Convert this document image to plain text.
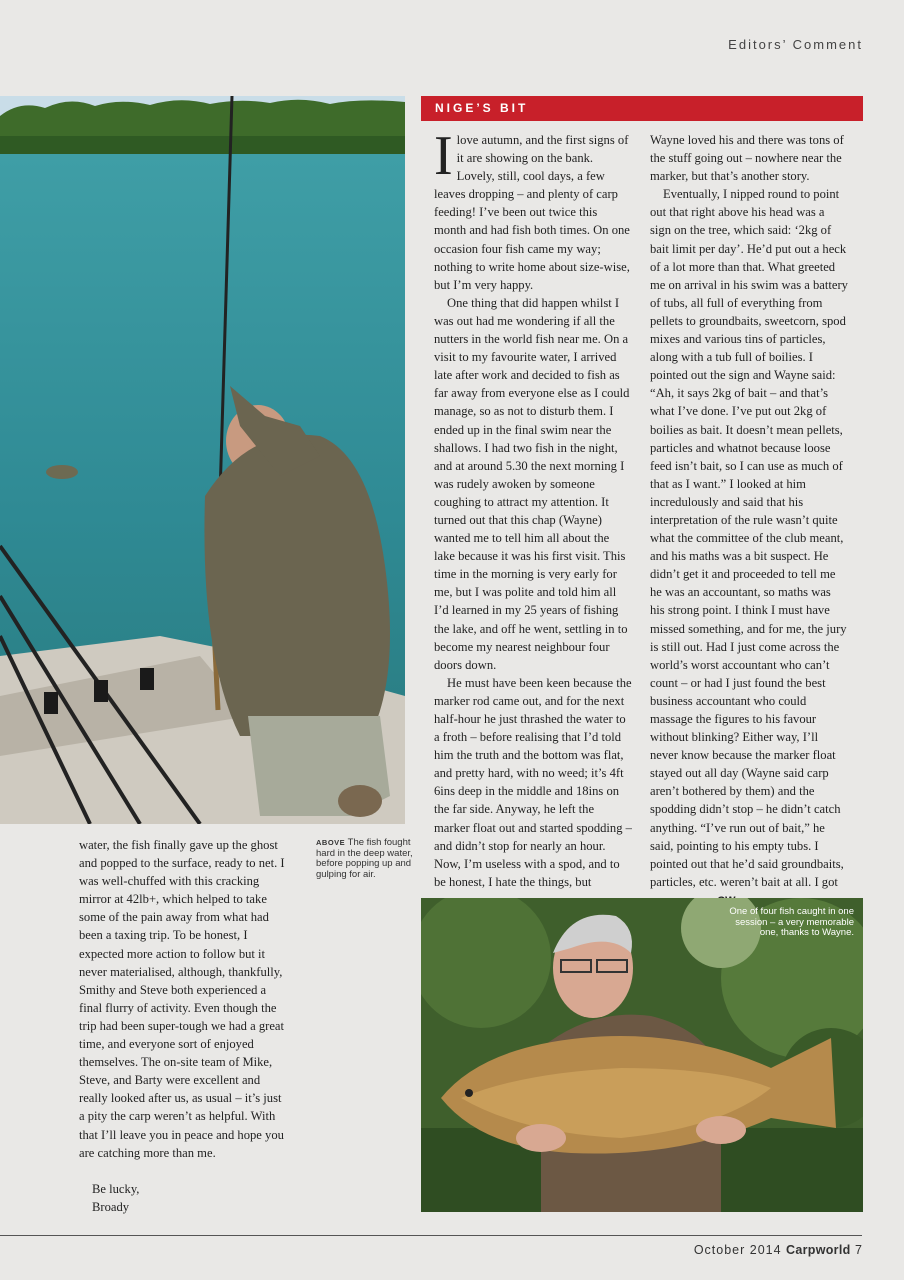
Editors’ Comment
NIGE’S BIT

Ilove autumn, and the first signs of it are showing on the bank. Lovely, still, cool days, a few leaves dropping – and plenty of carp feeding! I’ve been out twice this month and had fish both times. On one occasion four fish came my way; nothing to write home about size-wise, but I’m very happy.

One thing that did happen whilst I was out had me wondering if all the nutters in the world fish near me. On a visit to my favourite water, I arrived late after work and decided to fish as far away from everyone else as I could manage, so as not to disturb them. I ended up in the final swim near the shallows. I had two fish in the night, and at around 5.30 the next morning I was rudely awoken by someone coughing to attract my attention. It turned out that this chap (Wayne) wanted me to tell him all about the lake because it was his first visit. This time in the morning is very early for me, but I was polite and told him all I’d learned in my 25 years of fishing the lake, and off he went, settling in to become my nearest neighbour four doors down.

He must have been keen because the marker rod came out, and for the next half-hour he just thrashed the water to a froth – before realising that I’d told him the truth and the bottom was flat, and pretty hard, with no weed; it’s 4ft 6ins deep in the middle and 18ins on the far side. Anyway, he left the marker float out and started spodding – and didn’t stop for nearly an hour. Now, I’m useless with a spod, and to be honest, I hate the things, but

Wayne loved his and there was tons of the stuff going out – nowhere near the marker, but that’s another story.

Eventually, I nipped round to point out that right above his head was a sign on the tree, which said: ‘2kg of bait limit per day’. He’d put out a heck of a lot more than that. What greeted me on arrival in his swim was a battery of tubs, all full of everything from pellets to groundbaits, sweetcorn, spod mixes and various tins of particles, along with a tub full of boilies. I pointed out the sign and Wayne said: “Ah, it says 2kg of bait – and that’s what I’ve done. I’ve put out 2kg of boilies as bait. It doesn’t mean pellets, particles and whatnot because loose feed isn’t bait, so I can use as much of that as I want.” I looked at him incredulously and said that his interpretation of the rule wasn’t quite what the committee of the club meant, and his maths was a bit suspect. He didn’t get it and proceeded to tell me he was an accountant, so maths was his strong point. I think I must have missed something, and for me, the jury is still out. Had I just come across the world’s worst accountant who can’t count – or had I just found the best business accountant who could massage the figures to his favour without blinking? Either way, I’ll never know because the marker float stayed out all day (Wayne said carp aren’t bothered by them) and the spodding didn’t stop – he didn’t catch anything. “I’ve run out of bait,” he said, pointing to his empty tubs. I pointed out that he’d said groundbaits, particles, etc. weren’t bait at all. I got

water, the fish finally gave up the ghost and popped to the surface, ready to net. I was well-chuffed with this cracking mirror at 42lb+, which helped to take some of the pain away from what had been a taxing trip. To be honest, I expected more action to follow but it never materialised, although, thankfully, Smithy and Steve both experienced a final flurry of activity. Even though the trip had been super-tough we had a great time, and everyone sort of enjoyed themselves. The on-site team of Mike, Steve, and Barty were excellent and really looked after us, as usual – it’s just a pity the carp weren’t as helpful. With that I’ll leave you in peace and hope you are catching more than me.

Be lucky,

Broady

ABOVE The fish fought hard in the deep water, before popping up and gulping for air.
One of four fish caught in one session – a very memorable one, thanks to Wayne.
October 2014 Carpworld 7
